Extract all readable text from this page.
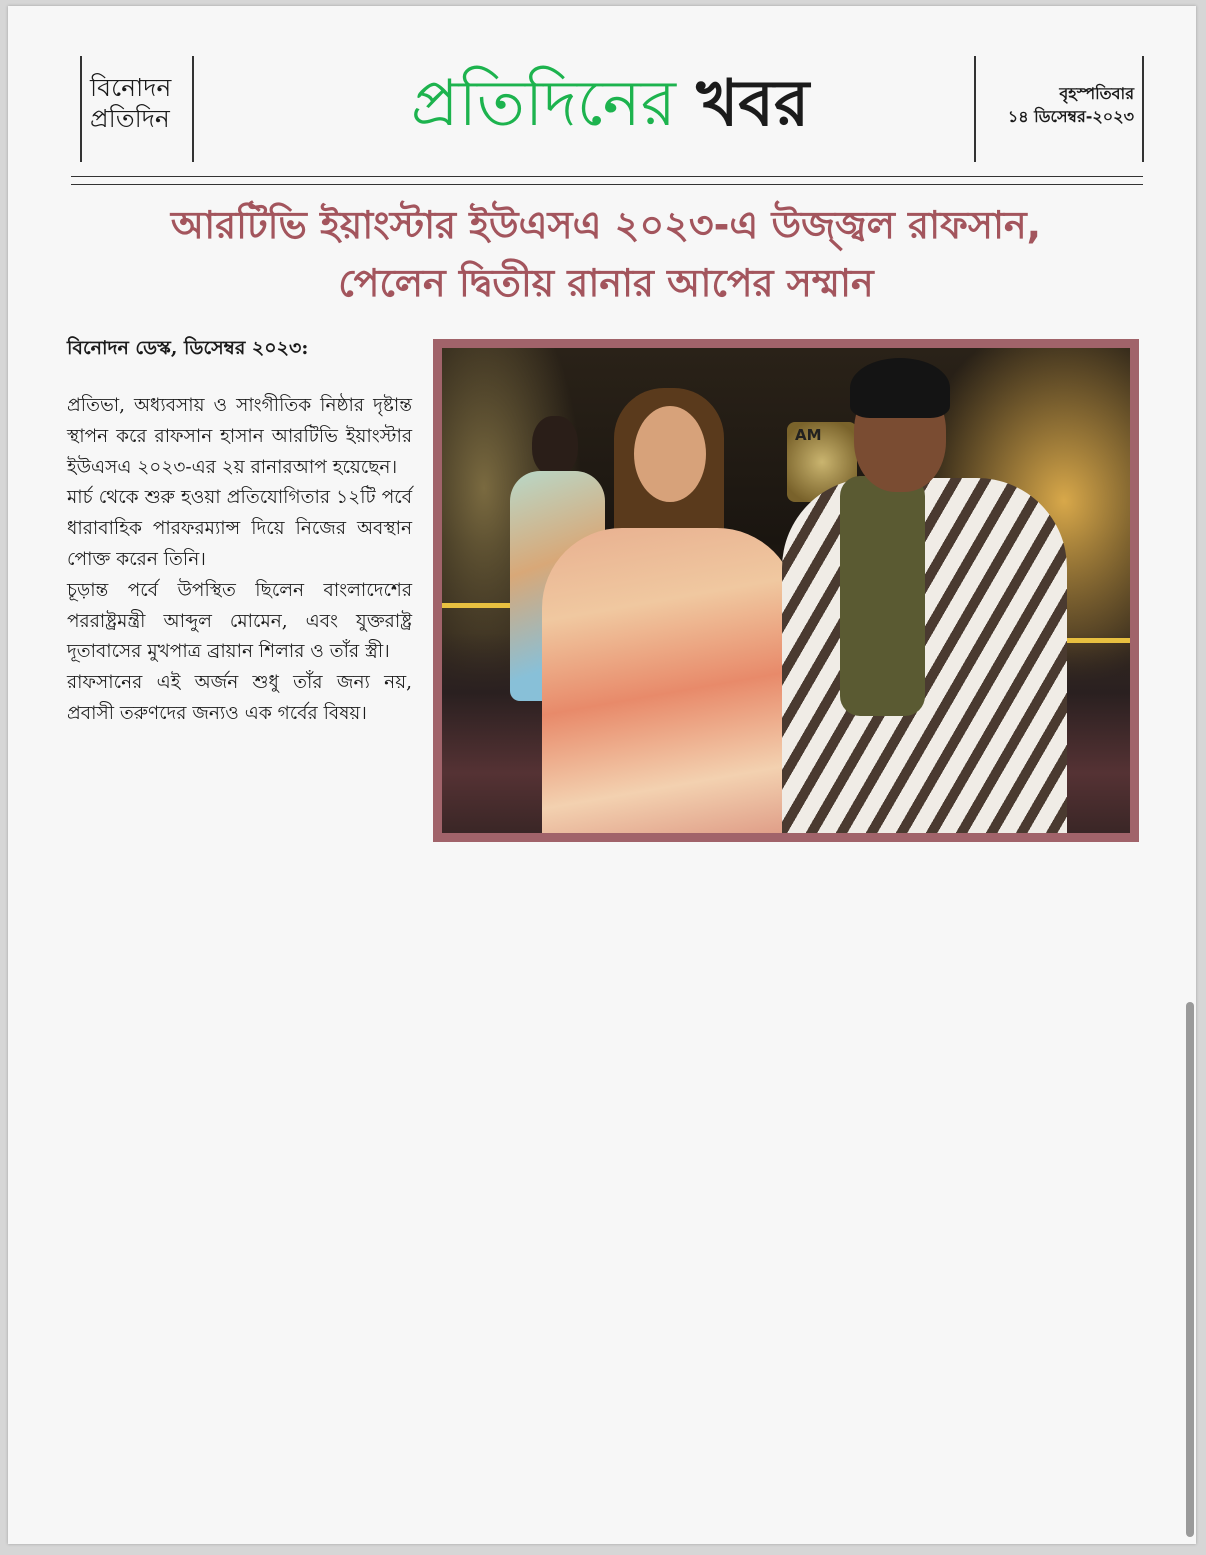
বিনোদন
প্রতিদিন	প্রতিদিনের খবর	বৃহস্পতিবার
১৪ ডিসেম্বর-২০২৩
আরটিভি ইয়াংস্টার ইউএসএ ২০২৩-এ উজ্জ্বল রাফসান,
পেলেন দ্বিতীয় রানার আপের সম্মান
বিনোদন ডেস্ক, ডিসেম্বর ২০২৩:

প্রতিভা, অধ্যবসায় ও সাংগীতিক নিষ্ঠার দৃষ্টান্ত স্থাপন করে রাফসান হাসান আরটিভি ইয়াংস্টার ইউএসএ ২০২৩-এর ২য় রানারআপ হয়েছেন।

মার্চ থেকে শুরু হওয়া প্রতিযোগিতার ১২টি পর্বে ধারাবাহিক পারফরম্যান্স দিয়ে নিজের অবস্থান পোক্ত করেন তিনি।

চূড়ান্ত পর্বে উপস্থিত ছিলেন বাংলাদেশের পররাষ্ট্রমন্ত্রী আব্দুল মোমেন, এবং যুক্তরাষ্ট্র দূতাবাসের মুখপাত্র ব্রায়ান শিলার ও তাঁর স্ত্রী।

রাফসানের এই অর্জন শুধু তাঁর জন্য নয়, প্রবাসী তরুণদের জন্যও এক গর্বের বিষয়।

AM
